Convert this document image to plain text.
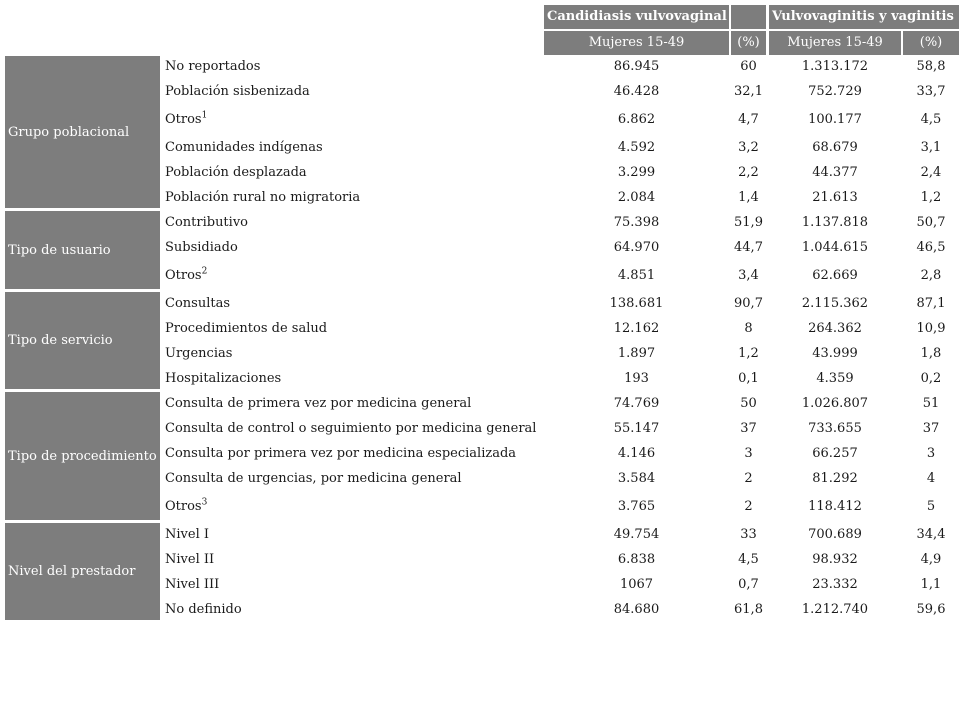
Candidiasis vulvovaginal	Vulvovaginitis y vaginitis
Mujeres 15-49	(%)	Mujeres 15-49	(%)
Grupo poblacional
No reportados	86.945	60	1.313.172	58,8
Población sisbenizada	46.428	32,1	752.729	33,7
Otros$^1$	6.862	4,7	100.177	4,5
Comunidades indígenas	4.592	3,2	68.679	3,1
Población desplazada	3.299	2,2	44.377	2,4
Población rural no migratoria	2.084	1,4	21.613	1,2
Tipo de usuario
Contributivo	75.398	51,9	1.137.818	50,7
Subsidiado	64.970	44,7	1.044.615	46,5
Otros$^2$	4.851	3,4	62.669	2,8
Tipo de servicio
Consultas	138.681	90,7	2.115.362	87,1
Procedimientos de salud	12.162	8	264.362	10,9
Urgencias	1.897	1,2	43.999	1,8
Hospitalizaciones	193	0,1	4.359	0,2
Tipo de procedimiento
Consulta de primera vez por medicina general	74.769	50	1.026.807	51
Consulta de control o seguimiento por medicina general	55.147	37	733.655	37
Consulta por primera vez por medicina especializada	4.146	3	66.257	3
Consulta de urgencias, por medicina general	3.584	2	81.292	4
Otros$^3$	3.765	2	118.412	5
Nivel del prestador
Nivel I	49.754	33	700.689	34,4
Nivel II	6.838	4,5	98.932	4,9
Nivel III	1067	0,7	23.332	1,1
No definido	84.680	61,8	1.212.740	59,6
